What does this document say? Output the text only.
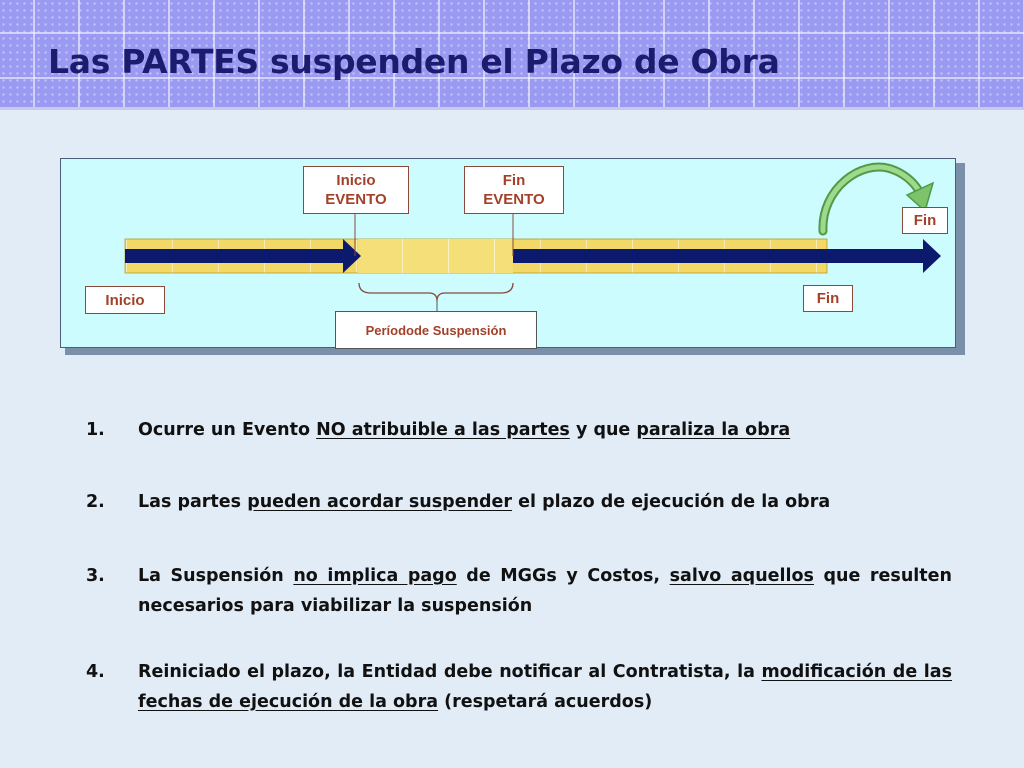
Las PARTES suspenden el Plazo de Obra
Inicio
EVENTO
Fin
EVENTO
Inicio	Fin
Fin
Períodode Suspensión
1. Ocurre un Evento NO atribuible a las partes y que paraliza la obra
2. Las partes pueden acordar suspender el plazo de ejecución de la obra
3. La Suspensión no implica pago de MGGs y Costos, salvo aquellos que resulten necesarios para viabilizar la suspensión
4. Reiniciado el plazo, la Entidad debe notificar al Contratista, la modificación de las fechas de ejecución de la obra (respetará acuerdos)
